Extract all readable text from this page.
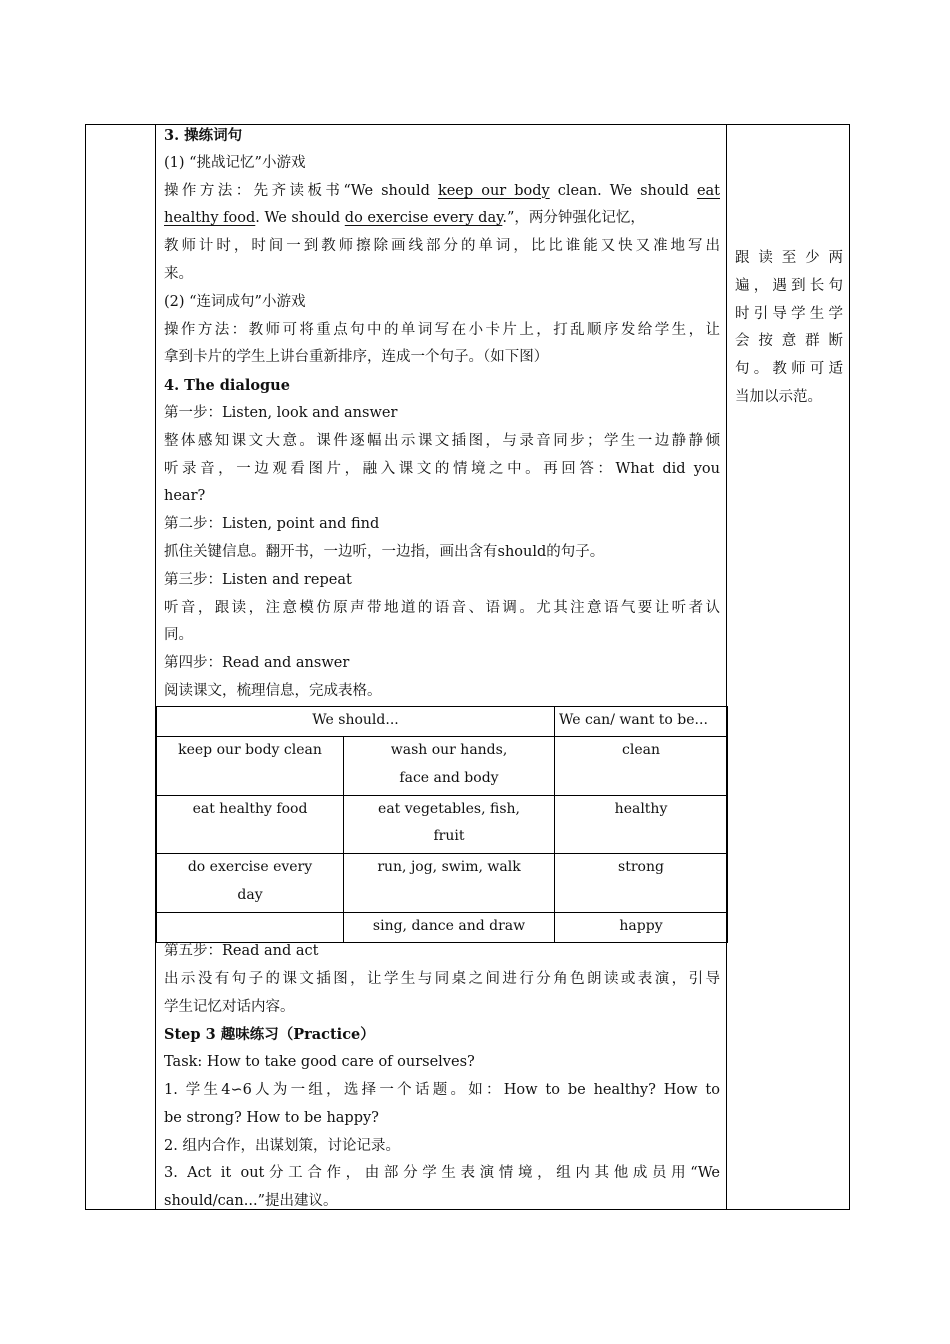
3. 操练词句
(1) “挑战记忆”小游戏
操作方法：先齐读板书“We should keep our body clean. We should eat
healthy food. We should do exercise every day.”，两分钟强化记忆，
教师计时，时间一到教师擦除画线部分的单词，比比谁能又快又准地写出
来。
(2) “连词成句”小游戏
操作方法：教师可将重点句中的单词写在小卡片上，打乱顺序发给学生，让
拿到卡片的学生上讲台重新排序，连成一个句子。（如下图）
4. The dialogue
第一步：Listen, look and answer
整体感知课文大意。课件逐幅出示课文插图，与录音同步；学生一边静静倾
听录音，一边观看图片，融入课文的情境之中。再回答：What did you
hear?
第二步：Listen, point and find
抓住关键信息。翻开书，一边听，一边指，画出含有should的句子。
第三步：Listen and repeat
听音，跟读，注意模仿原声带地道的语音、语调。尤其注意语气要让听者认
同。
第四步：Read and answer
阅读课文，梳理信息，完成表格。
We should...		We can/ want to be...

keep our body clean	wash our hands,
face and body	clean

eat healthy food	eat vegetables, fish,
fruit	healthy

do exercise every
day	run, jog, swim, walk	strong

	sing, dance and draw	happy
第五步：Read and act
出示没有句子的课文插图，让学生与同桌之间进行分角色朗读或表演，引导
学生记忆对话内容。
Step 3 趣味练习（Practice）
Task: How to take good care of ourselves?
1. 学生4∽6人为一组，选择一个话题。如：How to be healthy? How to
be strong? How to be happy?
2. 组内合作，出谋划策，讨论记录。
3. Act it out分工合作，由部分学生表演情境，组内其他成员用“We
should/can...”提出建议。
跟读至少两
遍，遇到长句
时引导学生学
会按意群断
句。教师可适
当加以示范。
